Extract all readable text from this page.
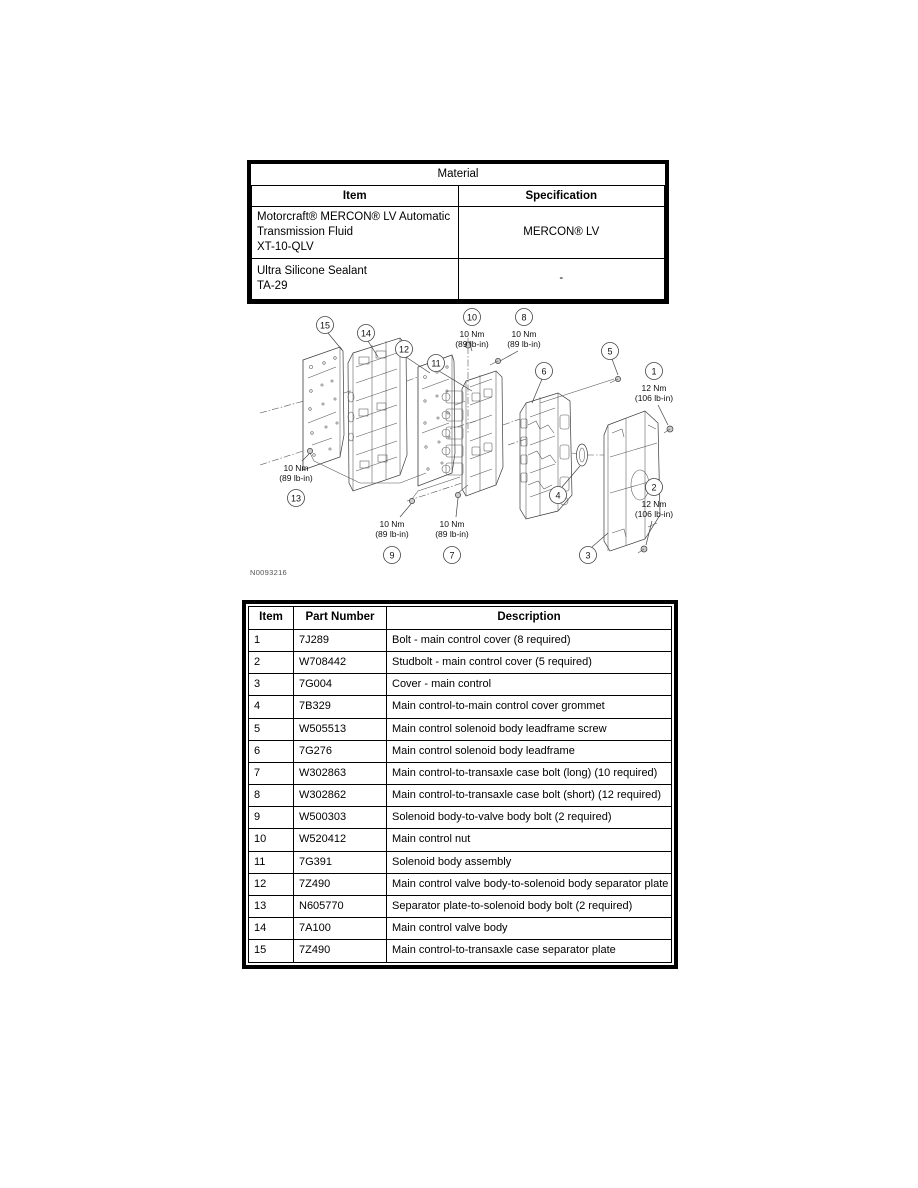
Material	
Item	Specification

Motorcraft® MERCON® LV Automatic Transmission Fluid
XT-10-QLV	MERCON® LV

Ultra Silicone Sealant
TA-29	-
15
14
12
11
10
10 Nm
(89 lb-in)
8
10 Nm
(89 lb-in)
6
5
1
12 Nm
(106 lb-in)
10 Nm
(89 lb-in)
13
10 Nm
(89 lb-in)
9
10 Nm
(89 lb-in)
7
4
3
2
12 Nm
(106 lb-in)
N0093216
Item	Part Number	Description
1	7J289	Bolt - main control cover (8 required)
2	W708442	Studbolt - main control cover (5 required)
3	7G004	Cover - main control
4	7B329	Main control-to-main control cover grommet
5	W505513	Main control solenoid body leadframe screw
6	7G276	Main control solenoid body leadframe
7	W302863	Main control-to-transaxle case bolt (long) (10 required)
8	W302862	Main control-to-transaxle case bolt (short) (12 required)
9	W500303	Solenoid body-to-valve body bolt (2 required)
10	W520412	Main control nut
11	7G391	Solenoid body assembly
12	7Z490	Main control valve body-to-solenoid body separator plate
13	N605770	Separator plate-to-solenoid body bolt (2 required)
14	7A100	Main control valve body
15	7Z490	Main control-to-transaxle case separator plate
